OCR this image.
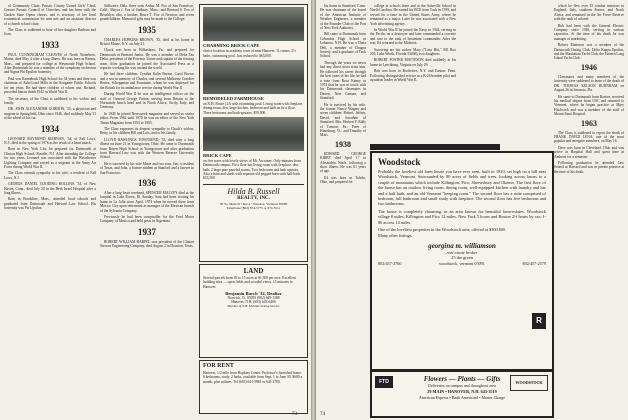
of Community Choir, Passaic County United Girls' Chod, Greater Passaic Council of Churches, and has been with the Garden State Opera chorus, and is secretary of her local ecumenical commission for area arts and an assistant director of a church school choir.

The Class is saddened to hear of her daughter Barbara and Joan.

1933

PAUL CUNNINGHAM CLEAVES of North Waterboro, Maine, died May 4 after a long illness. He was born in Reams, Mass., and prepared for college at Weymouth High School. After Dartmouth he was a member of the symphony orchestras and Sigma Phi Epsilon fraternity.

Paul was Kenneback High School for 34 years and then was chairman of Aubt-Lond Mills in the Songanie Public Schools for ten years. He had three children of whom one, Richard, preceded him in death 1942 in World War II.

The secretary of the Class is saddened to his widow and family.

DR. JOHN ALEXANDER GORDON, '33, a physician and surgeon in Springfield, Ohio since 1946, died suddenly May 31 at the wheel of his car.

1934

LEONARD RAYMOND KIERNAN, '34, of Fall Lows, N.J., died in the spring of 1976 as the result of a heart attack.

Born in New York City, he prepared for Dartmouth at Clinton High School, Roselle, N.J. After attending the College for two years, Leonard was associated with the Westchester Lighting Company and served as a sergeant in the Army Air Force during World War II.

The Class extends sympathy to his wife, a resident of Fall Lows, N.J.

GEORGE DANIEL GOODING ROLLINS, '34, of New Haven, Conn., died July 20 in the Beth Israel Hospital after a long illness.

Born in Brookline, Mass., attended local schools and graduated from Dartmouth and Harvard Law School. His fraternity was Psi Upsilon.

Stillwater, Okla. three sons Arthur M. Fox of San Francisco, Calif.; Mayor J. Fox of Sudbury, Mass.; and Bernard S. Fox of Brooklyn; also, a brother, Bruce T. Fox of Newton; and seven grandchildren. Memorial gifts may be made to the College.

1935

CHARLES HOPKINS BROWN, '35, died at his home in Bristol Maine, N.Y. on July 21.

Chuck was born in Wilkesboro, Pa., and prepared for Dartmouth at Bernard Junior. He was a member of Delta Tau Delta, president of the Forensic Union and captain of the fencing team. After graduation he joined the Associated Press as a reporter working his way around the world.

He had three children, Cynthia Kalin Brown, Carol Brown and a son in memory of Charles, and several Mallorine Goodfer Bertea, Schoppman and Fountaine, whom he was deployed for the British for its ambulance service during World War II.

During World War II he was an intelligence officer on the staff of General George Patton, serving from Britain to the Normandy beach head and in North Africa, Sicily, Italy, and Germany.

In 1949 he joined Newsweek magazine and served as senior editor. From 1962 until 1970 he was an editor of the New York Times Magazine from 1955 to 1965.

The Class expresses its deepest sympathy to Chuck's widow, Betty, to his children Bill and Lois, and to his family.

LLOYD RAWLINGS TOWNSEND, '35, died after a long illness on June 21 in Youngstown, Ohio. He came to Dartmouth from Rayen High School in Youngstown and after graduation from Harvard Law was with the Western Reserve University School.

He is survived by his wife Marie and two sons, Jim, a resident of Texas, and John, a former student at Stanford and a lawyer in San Francisco.

1936

After a long heart weekend, SPENCER MALVEY died at the hospital in Lake Forest, Ill. Sunday. Sara had been visiting his home in La Jolla since April, 1974 when he moved there from Mexico City upon retirement as manager of the Mexican branch of the Sylvania Company.

Previously he had been comptroller for the Ford Motor Company of Mexico and held posts in Argentina.

1937

ROBERT WILLIAM HARPEL was president of the Clinton Stewart Engineering Company, died August 2 in Houston, Texas.

CHARMING BRICK CAPE
choice location in academy town of near Hanover. 11 rooms, 2½ baths, swimming pool. Just reduced to $65,000.
REMODELED FARMHOUSE
on N.H. Route 12A with swimming pool. Living room with fireplace, dining room, den, large kitchen, bedroom and bath on first floor. Three bedrooms and bath upstairs. $59,000.
BRICK CAPE
on five acres with lovely views of Mt. Ascutney. Only minutes from Dartmouth campus. First floor has living room with fireplace, den, bath, 2 large pine paneled rooms. Two bedrooms and bath upstairs. Also a barn and sheds with separate old pegged barn with half-bath. $53,500.
Hilda B. Russell
REALTY, INC.
58 So. Main St • Rte 4 • Windsor, Vermont 05089
Telephone (802) 674-5775 or 674-5511
LAND
Several parcels from 10 to 15 acres at $1,500 per acre. Excellent building sites — open fields and wooded views. 15 minutes to Hanover.
Benjamin Burch '32, Realtor
Norwich, Vt. 05055 (802) 649-1388
Hanover, N.H. (603) 643-6406
Member of N.H. Multiple Listing Service
FOR RENT
Hanover, 1/2 mile from Hopkins Center. Professor's furnished home, 6 bedrooms, study, 2 baths, available from Sept. 1 to June 30. $600 a month, plus utilities. Tel (603) 643-5983 or 643-2700.
73

his home in Stamford, Conn. He was chairman of the board of the American Institute of Weather Engineers, a member of the Founder Club of the Port of New York Authority.

Bill came to Dartmouth from Columbia High School in Lebanon, N.H. He was a Theta Delt, a member of Dragon Society, and a graduate of Tuck School.

Through the years we never had any direct news from him. He followed his career through the best years of his life; he had a note from Rosa Kenny in 1974 that he was in touch with his Dartmouth classmates in Darien, New Canaan, and Stamford.

He is survived by his wife, the former Nancy Wagner and seven children: Robert, Jeffrey, David, and Jonathan of Stamford; Mrs. Herbert F. Eddy of Trenton, Pa.; Peter of Hinesburg, Vt.; and Timothy of Mass.

1938

EDWARD GEORGE KIRBY died April 17 in Alesandria, Wash., following a short illness. He was 61 years of age.

Ed was born in Toledo, Ohio, and prepared for

college at schools there and at the Asheville School in North Carolina. He earned his BCE from Tuck in 1939, and served for a time in the United States Army, where he remained as a major. Later he was associated with a New York advertising agency.

In World War II he joined the Navy in 1942, serving in the Pacific on a destroyer and later commanded a corvette and rose to the rank of lieutenant commander. After the war, Ed returned to the Midwest.

Surviving are his widow Mary ("Lino Hitt," Fill Box 205, Lake Worth, Florida 33460); two daughters.

ROBERT FOSTER MATTESON died suddenly at his home in Lynchburg, Virginia on July 29.

Bob was born in Rochester, N.Y. and Easton, Penn. Following distinguished service as a B-26 bomber pilot and squadron leader in World War II.

which he flew over 35 combat missions in England, Italy, southern France, and North Africa, and remained in the Air Force Reserve with the rank of colonel.

Bob had been with the General Electric Company since 1946, serving in various capacities. At the time of his death he was manager of marketing.

Robert Matteson was a member of the Dartmouth Outing Club, Delta Kappa Epsilon, and the Manhattan Yacht Club, the Eastern Long Island Yacht Club.

1946

Classmates and many members of the fraternity were saddened to learn of the death of DR. THOMAS KELSON BURNHAM on August 26 in Sarasota, Fla.

He came to Dartmouth from Boston, received his medical degree from USC and returned to Vermont, where he began practice at Mary Hitchcock and was a member of the staff of Mount Sinai Hospital.

1963

The Class is saddened to report the death of FRANK DAVID LENA, one of the most popular and energetic members, on May 16.

Dave was born in Cleveland, Ohio and was active in Hospital Hall and spent time at Amherst for a semester.

Following graduation he attended Law School at Harvard and was in private practice at the time of his death.

74
Woodstock
Probably the loveliest old farm house you have ever seen, built in 1810, set high on a hill near Woodstock, Vermont. Surrounded by 80 acres of fields and trees, looking across lawns to a couple of mountains which include Killington, Pico, Shrewsbury and Okemo. The first floor of the house has an outdoor living room, dining room, well-equipped kitchen with laundry and bar and a half bath, and an old Vermont "keeping room." The second floor has a suite comprised of bedroom, full bathroom and small study with fireplace. The second floor has five bedrooms and two bathrooms.
The house is completely charming, in an area known for beautiful farm-estates. Woodstock village 8 miles, Killington and Pico 12 miles. New York 5 hours and Boston 2½ hours by car; 1-80 access 14 miles.
One of the loveliest properties in the Woodstock area; offered at $300,000.
Many other listings.
georgina m. williamson
real estate broker
25 the green
802/457-2760	woodstock, vermont 05091	802/457-2579
R
FTD	WOODSTOCK
Flowers — Plants — Gifts
Deliveries on campus and throughout area
29 MAIN • HANOVER, N.H. 643-3519
American Express • Bank Americard • Master Charge
